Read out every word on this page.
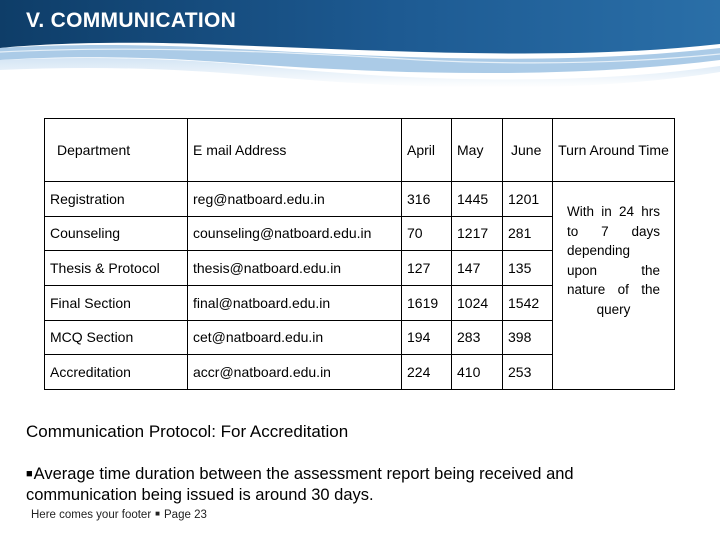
V. COMMUNICATION
Department	E mail Address	April	May	June	Turn Around Time
Registration	reg@natboard.edu.in	316	1445	1201	With in 24 hrs to 7 days depending upon the nature of the query
Counseling	counseling@natboard.edu.in	70	1217	281	
Thesis & Protocol	thesis@natboard.edu.in	127	147	135	
Final Section	final@natboard.edu.in	1619	1024	1542	
MCQ Section	cet@natboard.edu.in	194	283	398	
Accreditation	accr@natboard.edu.in	224	410	253	
Communication Protocol: For Accreditation

■Average time duration between the assessment report being received and communication being issued is around 30 days.

Here comes your footer ■ Page 23
